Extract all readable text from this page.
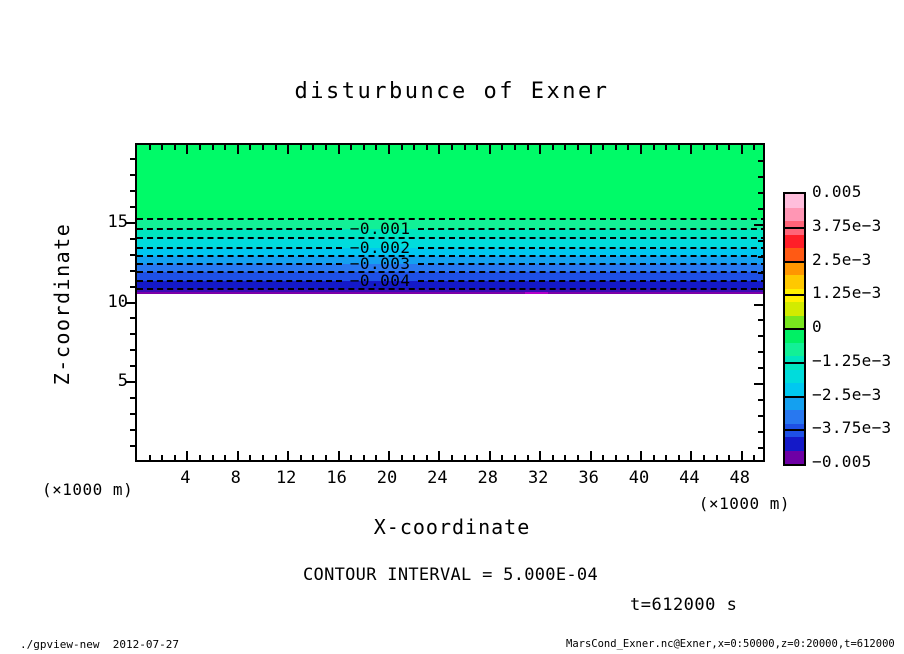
disturbunce of Exner
−0.001
−0.002
−0.003
−0.004
Z-coordinate
X-coordinate
(×1000 m)
(×1000 m)
CONTOUR INTERVAL = 5.000E-04
t=612000 s
./gpview-new  2012-07-27	MarsCond_Exner.nc@Exner,x=0:50000,z=0:20000,t=612000
4	8	12	16	20	24	28	32	36	40	44	48
5
10
15
0.005
3.75e−3
2.5e−3
1.25e−3
0
−1.25e−3
−2.5e−3
−3.75e−3
−0.005
